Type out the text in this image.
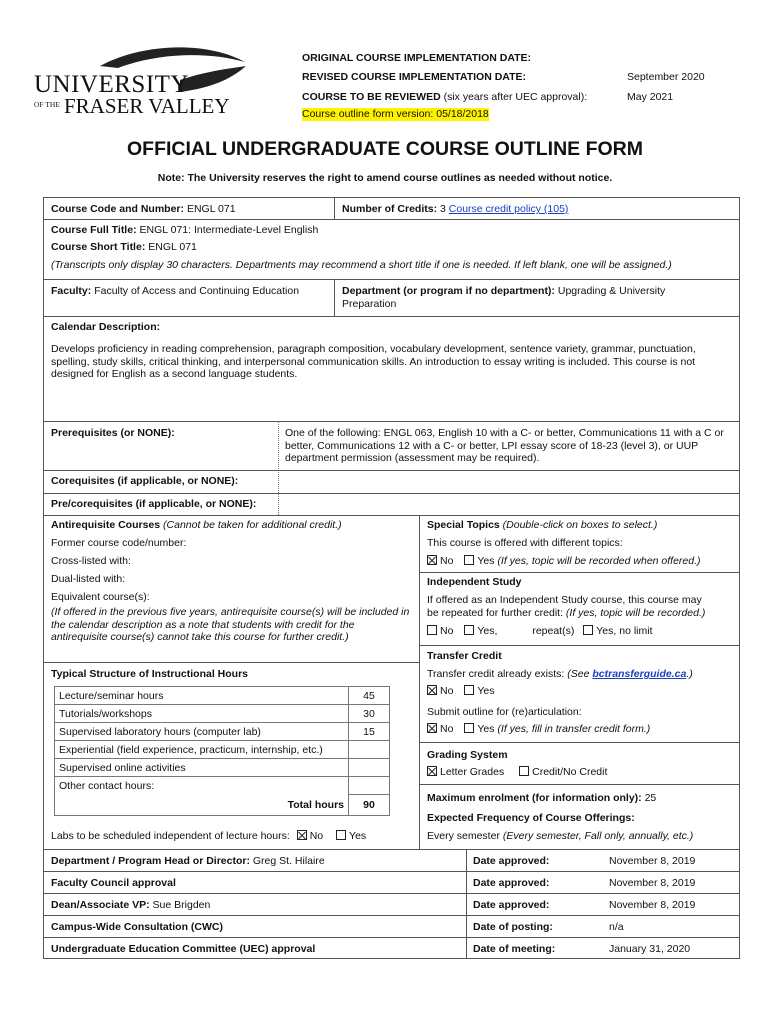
UNIVERSITY
OF THE FRASER VALLEY
ORIGINAL COURSE IMPLEMENTATION DATE:
REVISED COURSE IMPLEMENTATION DATE:	September 2020
COURSE TO BE REVIEWED (six years after UEC approval):	May 2021
Course outline form version: 05/18/2018
OFFICIAL UNDERGRADUATE COURSE OUTLINE FORM
Note: The University reserves the right to amend course outlines as needed without notice.
Course Code and Number: ENGL 071	Number of Credits: 3 Course credit policy (105)
Course Full Title: ENGL 071: Intermediate-Level English
Course Short Title: ENGL 071
(Transcripts only display 30 characters. Departments may recommend a short title if one is needed. If left blank, one will be assigned.)
Faculty: Faculty of Access and Continuing Education	Department (or program if no department): Upgrading & University
Preparation
Calendar Description:
Develops proficiency in reading comprehension, paragraph composition, vocabulary development, sentence variety, grammar, punctuation, spelling, study skills, critical thinking, and interpersonal communication skills. An introduction to essay writing is included. This course is not designed for English as a second language students.
Prerequisites (or NONE):	One of the following: ENGL 063, English 10 with a C- or better, Communications 11 with a C or better, Communications 12 with a C- or better, LPI essay score of 18-23 (level 3), or UUP department permission (assessment may be required).
Corequisites (if applicable, or NONE):
Pre/corequisites (if applicable, or NONE):
Antirequisite Courses (Cannot be taken for additional credit.)
Former course code/number:
Cross-listed with:
Dual-listed with:
Equivalent course(s):
(If offered in the previous five years, antirequisite course(s) will be included in the calendar description as a note that students with credit for the antirequisite course(s) cannot take this course for further credit.)
Typical Structure of Instructional Hours
Lecture/seminar hours	45
Tutorials/workshops	30
Supervised laboratory hours (computer lab)	15
Experiential (field experience, practicum, internship, etc.)	
Supervised online activities	
Other contact hours:	
Total hours	90
Labs to be scheduled independent of lecture hours: No Yes
Special Topics (Double-click on boxes to select.)
This course is offered with different topics:
No Yes (If yes, topic will be recorded when offered.)
Independent Study
If offered as an Independent Study course, this course may
be repeated for further credit: (If yes, topic will be recorded.)
No Yes,	repeat(s) Yes, no limit
Transfer Credit
Transfer credit already exists: (See bctransferguide.ca.)
No Yes
Submit outline for (re)articulation:
No Yes (If yes, fill in transfer credit form.)
Grading System
Letter Grades	Credit/No Credit
Maximum enrolment (for information only): 25
Expected Frequency of Course Offerings:
Every semester (Every semester, Fall only, annually, etc.)
Department / Program Head or Director: Greg St. Hilaire	Date approved:	November 8, 2019
Faculty Council approval	Date approved:	November 8, 2019
Dean/Associate VP: Sue Brigden	Date approved:	November 8, 2019
Campus-Wide Consultation (CWC)	Date of posting:	n/a
Undergraduate Education Committee (UEC) approval	Date of meeting:	January 31, 2020
